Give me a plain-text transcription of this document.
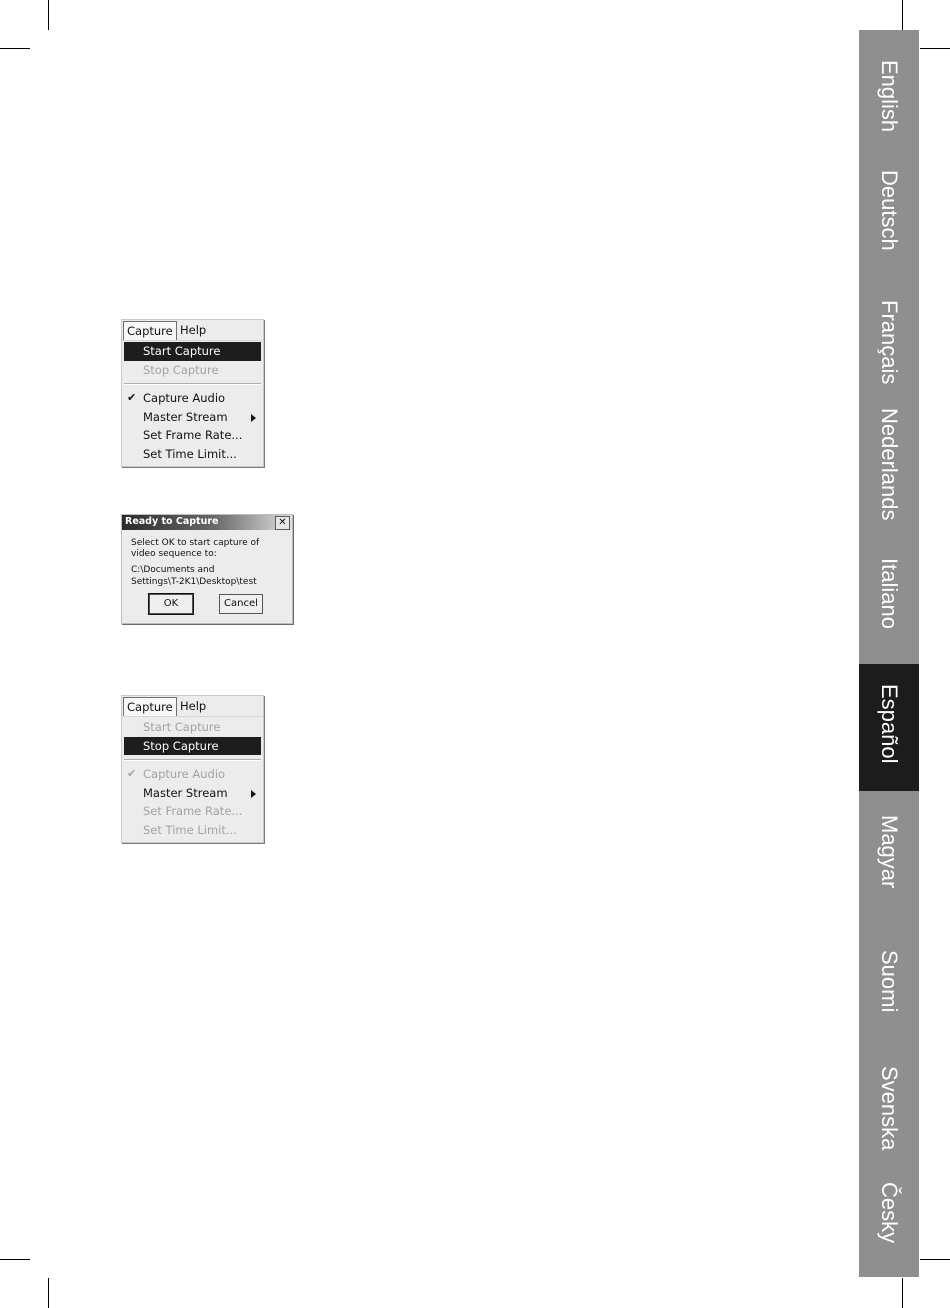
English
Deutsch
Français
Nederlands
Italiano
Español
Magyar
Suomi
Svenska
Česky
Capture Help
Start Capture
Stop Capture
✔ Capture Audio
Master Stream
Set Frame Rate...
Set Time Limit...
Ready to Capture	✕
Select OK to start capture of
video sequence to:
C:\Documents and
Settings\T-2K1\Desktop\test
OK	Cancel
Capture Help
Start Capture
Stop Capture
✔ Capture Audio
Master Stream
Set Frame Rate...
Set Time Limit...
